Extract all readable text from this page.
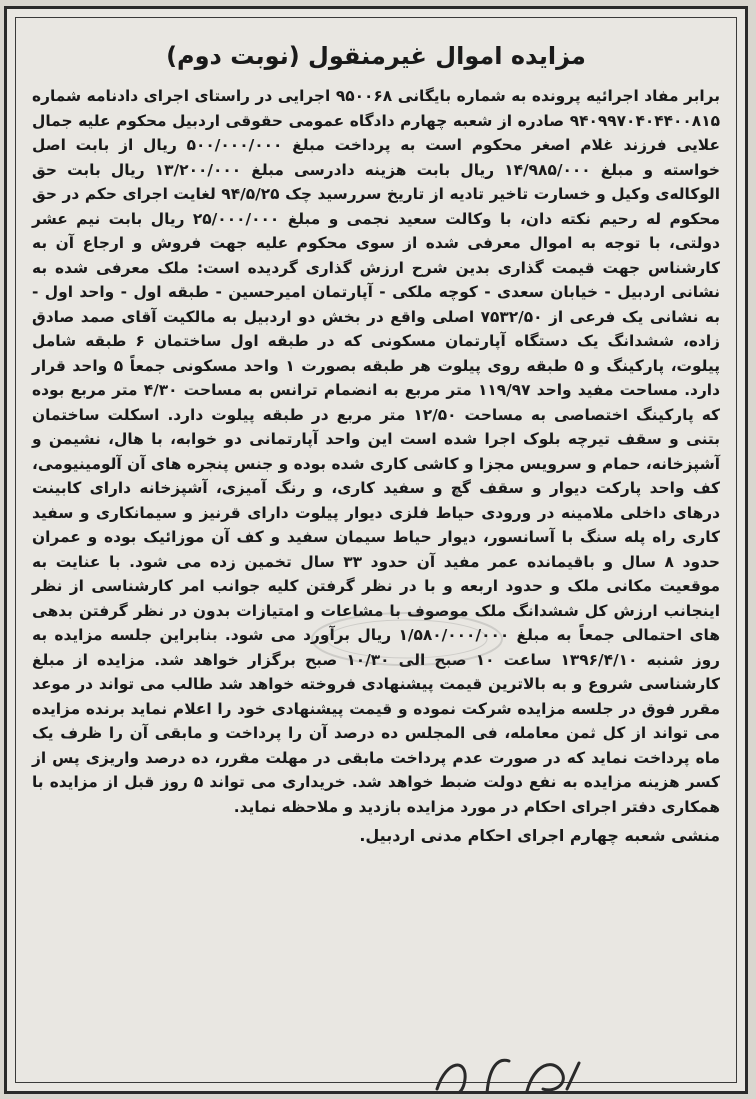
مزایده اموال غیرمنقول (نوبت دوم)

برابر مفاد اجرائیه پرونده به شماره بایگانی ۹۵۰۰۶۸ اجرایی در راستای اجرای دادنامه شماره ۹۴۰۹۹۷۰۴۰۴۴۰۰۸۱۵ صادره از شعبه چهارم دادگاه عمومی حقوقی اردبیل محکوم علیه جمال علایی فرزند غلام اصغر محکوم است به پرداخت مبلغ ۵۰۰/۰۰۰/۰۰۰ ریال از بابت اصل خواسته و مبلغ ۱۴/۹۸۵/۰۰۰ ریال بابت هزینه دادرسی مبلغ ۱۳/۲۰۰/۰۰۰ ریال بابت حق الوکاله‌ی وکیل و خسارت تاخیر تادیه از تاریخ سررسید چک ۹۴/۵/۲۵ لغایت اجرای حکم در حق محکوم له رحیم نکته دان، با وکالت سعید نجمی و مبلغ ۲۵/۰۰۰/۰۰۰ ریال بابت نیم عشر دولتی، با توجه به اموال معرفی شده از سوی محکوم علیه جهت فروش و ارجاع آن به کارشناس جهت قیمت گذاری بدین شرح ارزش گذاری گردیده است: ملک معرفی شده به نشانی اردبیل - خیابان سعدی - کوچه ملکی - آپارتمان امیرحسین - طبقه اول - واحد اول - به نشانی یک فرعی از ۷۵۳۲/۵۰ اصلی واقع در بخش دو اردبیل به مالکیت آقای صمد صادق زاده، ششدانگ یک دستگاه آپارتمان مسکونی که در طبقه اول ساختمان ۶ طبقه شامل پیلوت، پارکینگ و ۵ طبقه روی پیلوت هر طبقه بصورت ۱ واحد مسکونی جمعاً ۵ واحد قرار دارد. مساحت مفید واحد ۱۱۹/۹۷ متر مربع به انضمام ترانس به مساحت ۴/۳۰ متر مربع بوده که پارکینگ اختصاصی به مساحت ۱۲/۵۰ متر مربع در طبقه پیلوت دارد. اسکلت ساختمان بتنی و سقف تیرچه بلوک اجرا شده است این واحد آپارتمانی دو خوابه، با هال، نشیمن و آشپزخانه، حمام و سرویس مجزا و کاشی کاری شده بوده و جنس پنجره های آن آلومینیومی، کف واحد پارکت دیوار و سقف گچ و سفید کاری، و رنگ آمیزی، آشپزخانه دارای کابینت درهای داخلی ملامینه در ورودی حیاط فلزی دیوار پیلوت دارای قرنیز و سیمانکاری و سفید کاری راه پله سنگ با آسانسور، دیوار حیاط سیمان سفید و کف آن موزائیک بوده و عمران حدود ۸ سال و باقیمانده عمر مفید آن حدود ۳۳ سال تخمین زده می شود. با عنایت به موقعیت مکانی ملک و حدود اربعه و با در نظر گرفتن کلیه جوانب امر کارشناسی از نظر اینجانب ارزش کل ششدانگ ملک موصوف با مشاعات و امتیازات بدون در نظر گرفتن بدهی های احتمالی جمعاً به مبلغ ۱/۵۸۰/۰۰۰/۰۰۰ ریال برآورد می شود. بنابراین جلسه مزایده به روز شنبه ۱۳۹۶/۴/۱۰ ساعت ۱۰ صبح الی ۱۰/۳۰ صبح برگزار خواهد شد. مزایده از مبلغ کارشناسی شروع و به بالاترین قیمت پیشنهادی فروخته خواهد شد طالب می تواند در موعد مقرر فوق در جلسه مزایده شرکت نموده و قیمت پیشنهادی خود را اعلام نماید برنده مزایده می تواند از کل ثمن معامله، فی المجلس ده درصد آن را پرداخت و مابقی آن را ظرف یک ماه پرداخت نماید که در صورت عدم پرداخت مابقی در مهلت مقرر، ده درصد واریزی پس از کسر هزینه مزایده به نفع دولت ضبط خواهد شد. خریداری می تواند ۵ روز قبل از مزایده با همکاری دفتر اجرای احکام در مورد مزایده بازدید و ملاحظه نماید.

منشی شعبه چهارم اجرای احکام مدنی اردبیل.
